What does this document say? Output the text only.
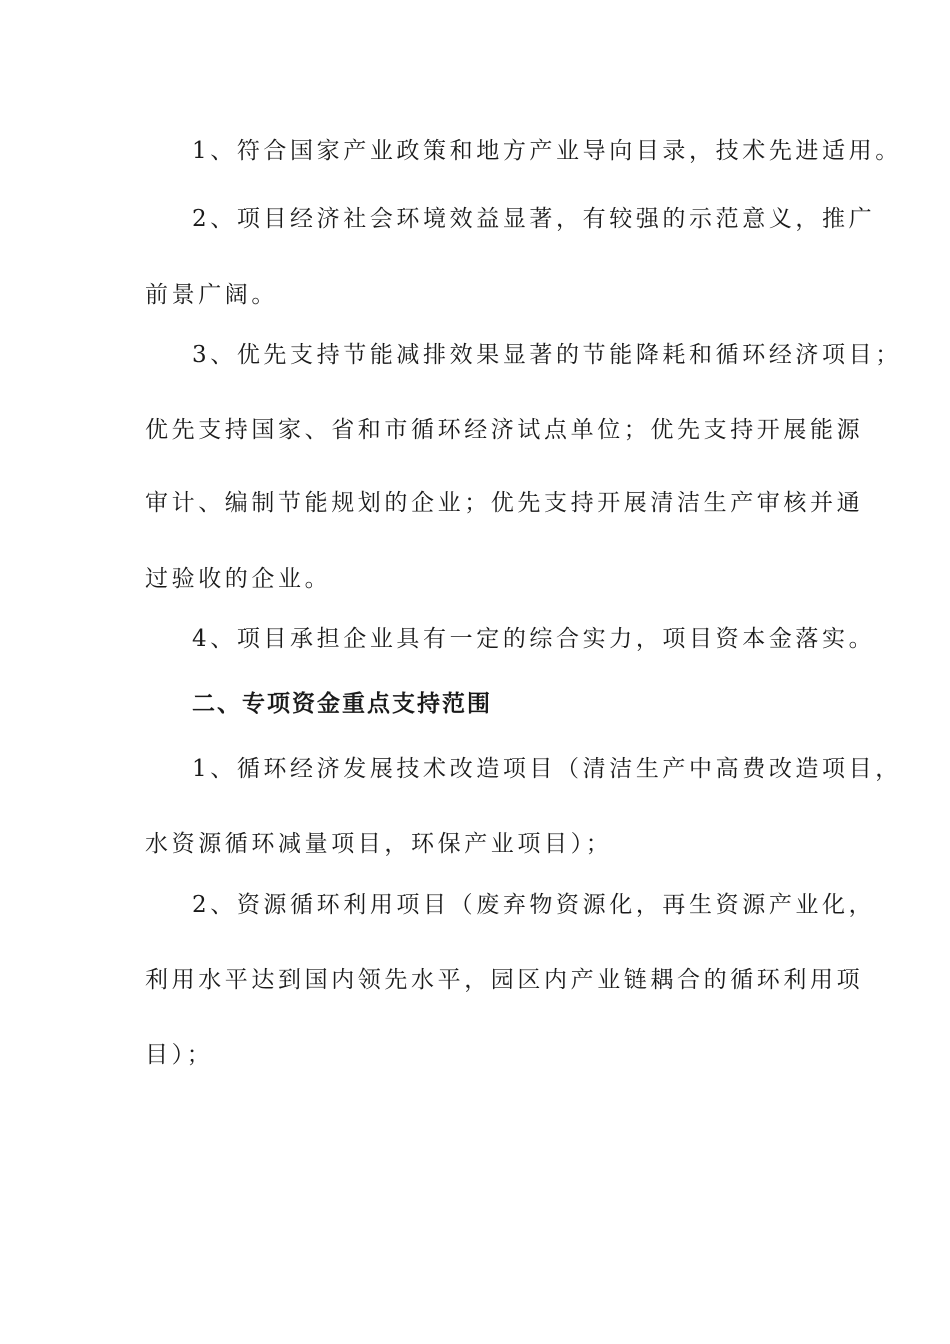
1、符合国家产业政策和地方产业导向目录，技术先进适用。
2、项目经济社会环境效益显著，有较强的示范意义，推广
前景广阔。
3、优先支持节能减排效果显著的节能降耗和循环经济项目；
优先支持国家、省和市循环经济试点单位；优先支持开展能源
审计、编制节能规划的企业；优先支持开展清洁生产审核并通
过验收的企业。
4、项目承担企业具有一定的综合实力，项目资本金落实。
二、专项资金重点支持范围
1、循环经济发展技术改造项目（清洁生产中高费改造项目，
水资源循环减量项目，环保产业项目）；
2、资源循环利用项目（废弃物资源化，再生资源产业化，
利用水平达到国内领先水平，园区内产业链耦合的循环利用项
目）；
